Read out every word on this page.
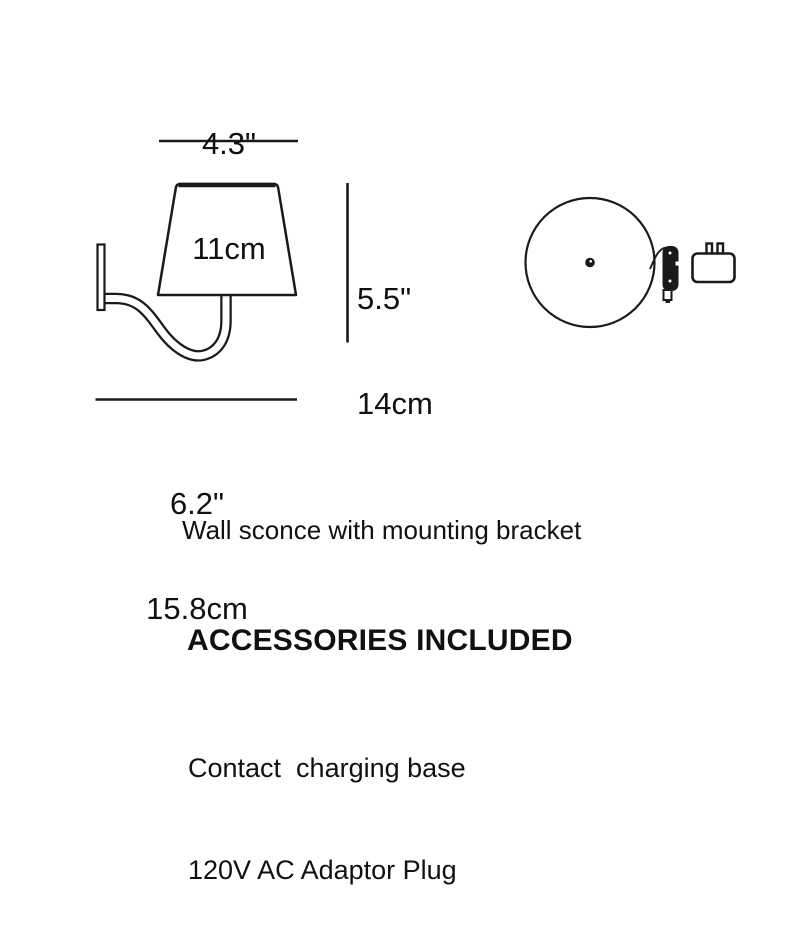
4.3"

11cm

5.5"

14cm

6.2"

15.8cm

Wall sconce with mounting bracket
ACCESSORIES INCLUDED

Contact  charging base

120V AC Adaptor Plug
